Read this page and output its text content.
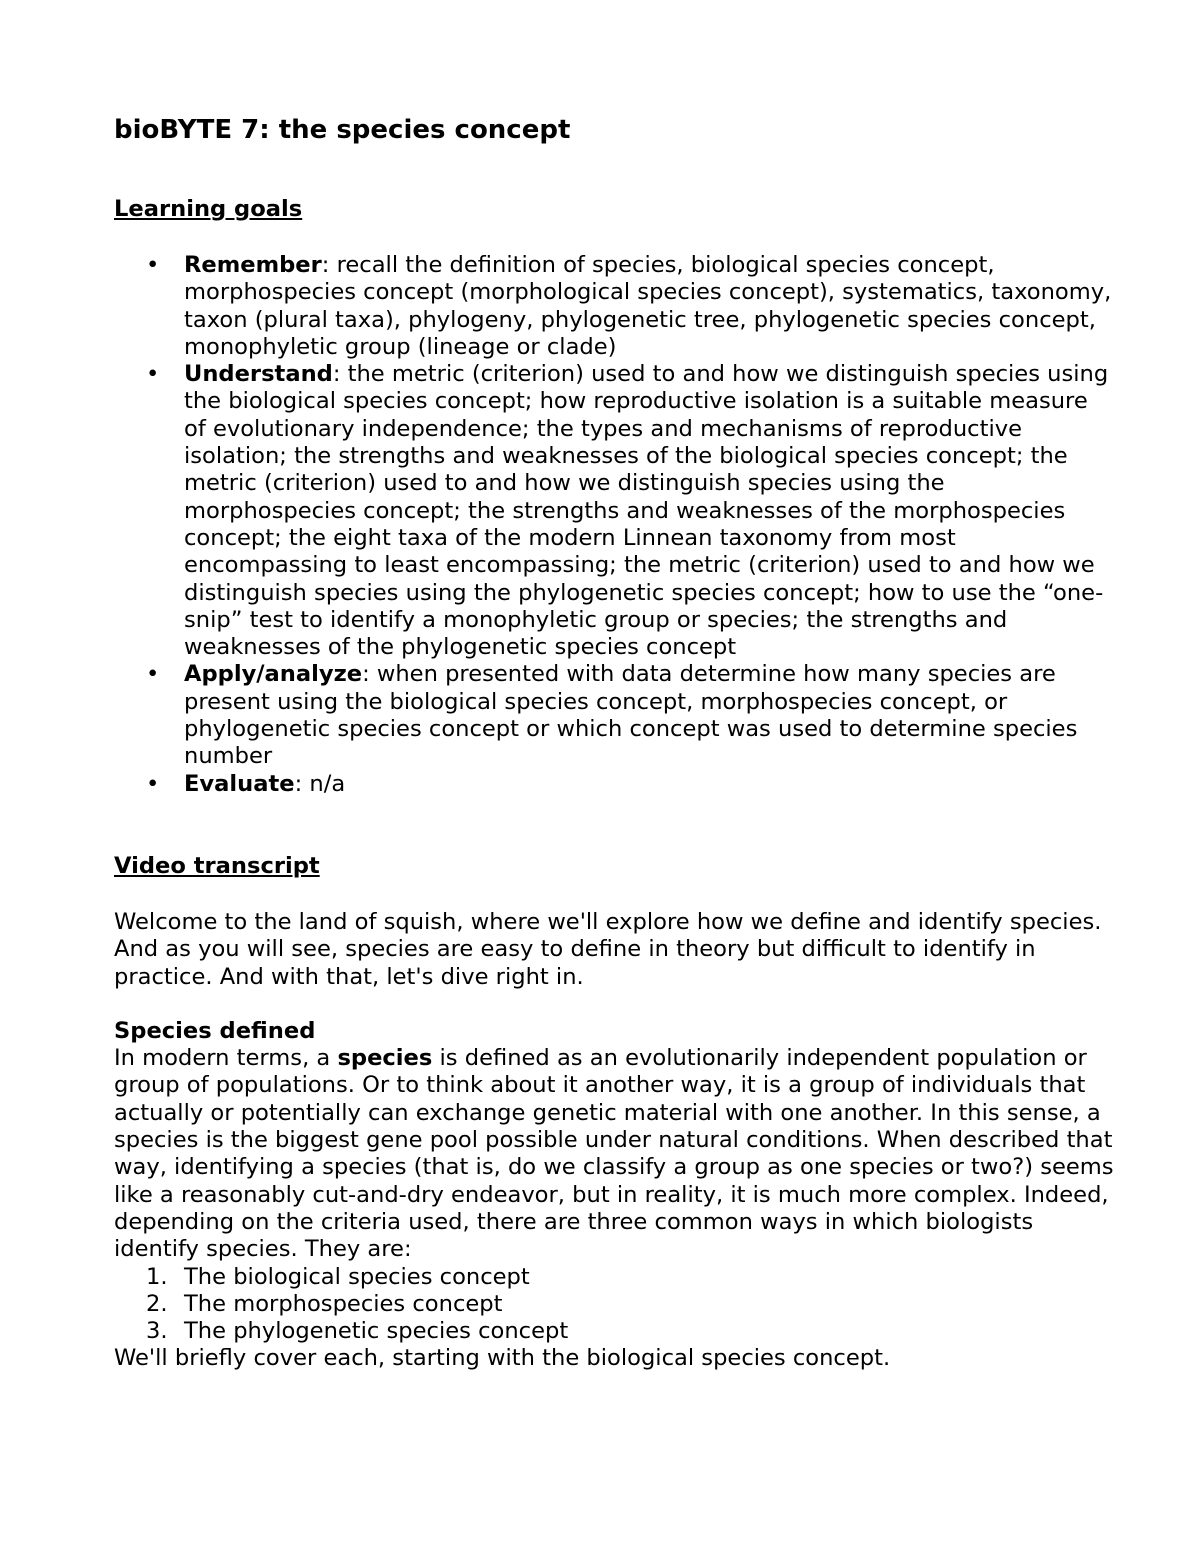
bioBYTE 7: the species concept
Learning goals
• Remember: recall the definition of species, biological species concept, morphospecies concept (morphological species concept), systematics, taxonomy, taxon (plural taxa), phylogeny, phylogenetic tree, phylogenetic species concept, monophyletic group (lineage or clade)
• Understand: the metric (criterion) used to and how we distinguish species using the biological species concept; how reproductive isolation is a suitable measure of evolutionary independence; the types and mechanisms of reproductive isolation; the strengths and weaknesses of the biological species concept; the metric (criterion) used to and how we distinguish species using the morphospecies concept; the strengths and weaknesses of the morphospecies concept; the eight taxa of the modern Linnean taxonomy from most encompassing to least encompassing; the metric (criterion) used to and how we distinguish species using the phylogenetic species concept; how to use the “one-snip” test to identify a monophyletic group or species; the strengths and weaknesses of the phylogenetic species concept
• Apply/analyze: when presented with data determine how many species are present using the biological species concept, morphospecies concept, or phylogenetic species concept or which concept was used to determine species number
• Evaluate: n/a
Video transcript

Welcome to the land of squish, where we'll explore how we define and identify species. And as you will see, species are easy to define in theory but difficult to identify in practice. And with that, let's dive right in.

Species defined

In modern terms, a species is defined as an evolutionarily independent population or group of populations. Or to think about it another way, it is a group of individuals that actually or potentially can exchange genetic material with one another. In this sense, a species is the biggest gene pool possible under natural conditions. When described that way, identifying a species (that is, do we classify a group as one species or two?) seems like a reasonably cut-and-dry endeavor, but in reality, it is much more complex. Indeed, depending on the criteria used, there are three common ways in which biologists identify species. They are:

1. The biological species concept
2. The morphospecies concept
3. The phylogenetic species concept

We'll briefly cover each, starting with the biological species concept.
